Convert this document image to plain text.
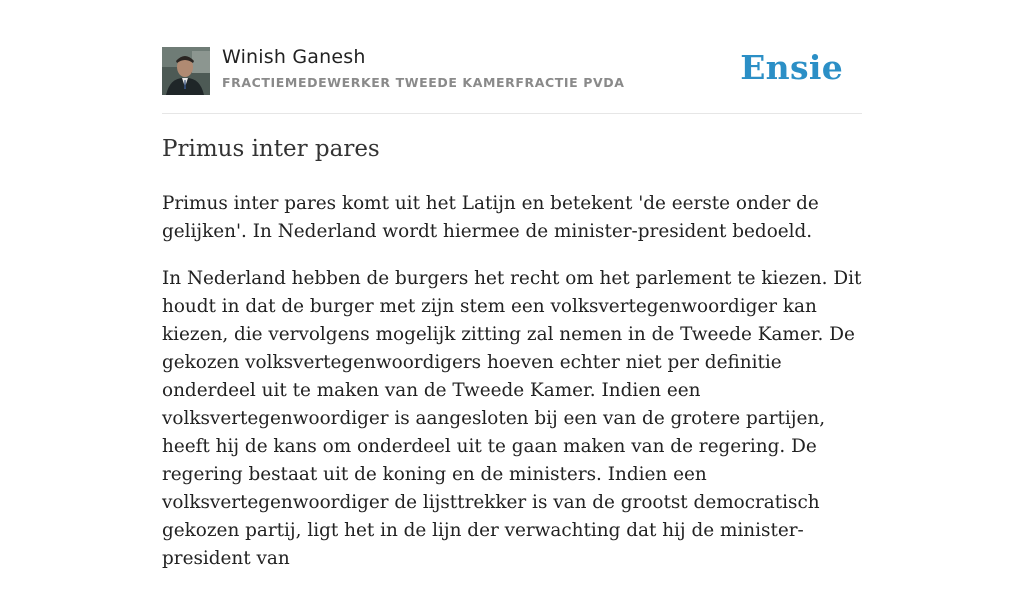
Winish Ganesh
FRACTIEMEDEWERKER TWEEDE KAMERFRACTIE PVDA	Ensie
Primus inter pares

Primus inter pares komt uit het Latijn en betekent 'de eerste onder de gelijken'. In Nederland wordt hiermee de minister-president bedoeld.

In Nederland hebben de burgers het recht om het parlement te kiezen. Dit houdt in dat de burger met zijn stem een volksvertegenwoordiger kan kiezen, die vervolgens mogelijk zitting zal nemen in de Tweede Kamer. De gekozen volksvertegenwoordigers hoeven echter niet per definitie onderdeel uit te maken van de Tweede Kamer. Indien een volksvertegenwoordiger is aangesloten bij een van de grotere partijen, heeft hij de kans om onderdeel uit te gaan maken van de regering. De regering bestaat uit de koning en de ministers. Indien een volksvertegenwoordiger de lijsttrekker is van de grootst democratisch gekozen partij, ligt het in de lijn der verwachting dat hij de minister-president van
